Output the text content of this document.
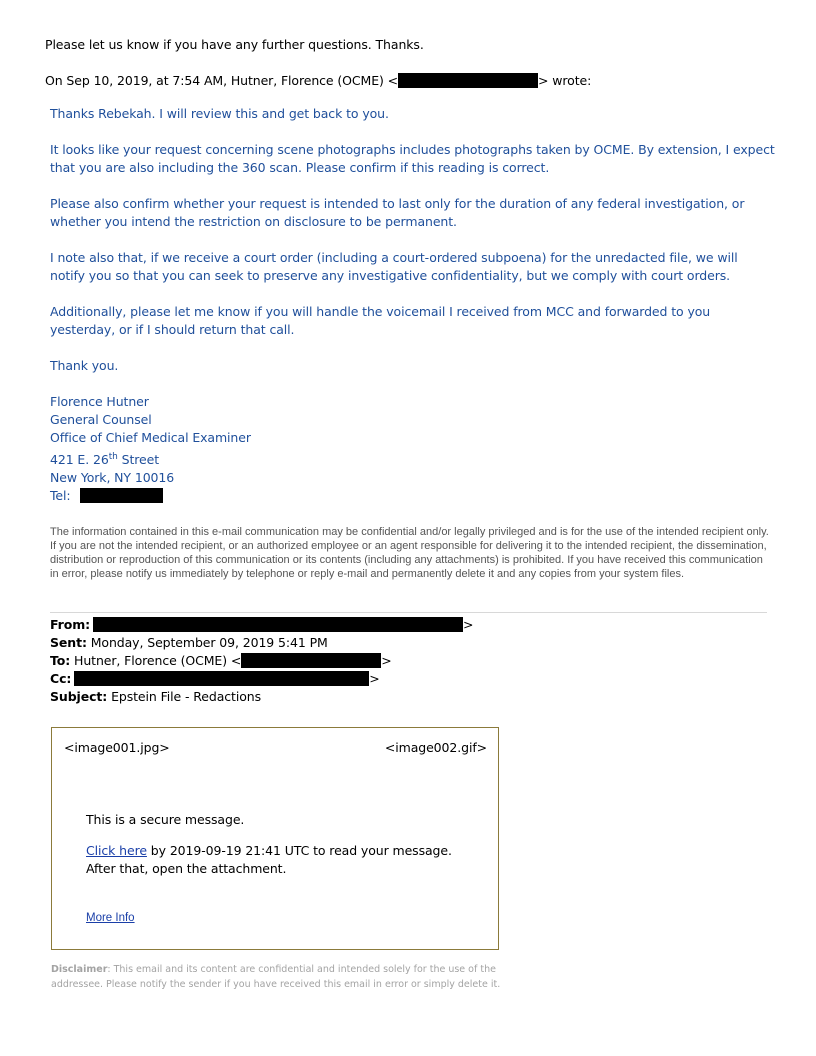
Please let us know if you have any further questions. Thanks.
On Sep 10, 2019, at 7:54 AM, Hutner, Florence (OCME) <	> wrote:
Thanks Rebekah. I will review this and get back to you.
It looks like your request concerning scene photographs includes photographs taken by OCME. By extension, I expect that you are also including the 360 scan. Please confirm if this reading is correct.
Please also confirm whether your request is intended to last only for the duration of any federal investigation, or whether you intend the restriction on disclosure to be permanent.
I note also that, if we receive a court order (including a court-ordered subpoena) for the unredacted file, we will notify you so that you can seek to preserve any investigative confidentiality, but we comply with court orders.
Additionally, please let me know if you will handle the voicemail I received from MCC and forwarded to you yesterday, or if I should return that call.
Thank you.
Florence Hutner
General Counsel
Office of Chief Medical Examiner
421 E. 26th Street
New York, NY 10016
Tel:
The information contained in this e-mail communication may be confidential and/or legally privileged and is for the use of the intended recipient only. If you are not the intended recipient, or an authorized employee or an agent responsible for delivering it to the intended recipient, the dissemination, distribution or reproduction of this communication or its contents (including any attachments) is prohibited. If you have received this communication in error, please notify us immediately by telephone or reply e-mail and permanently delete it and any copies from your system files.
From:	>
Sent: Monday, September 09, 2019 5:41 PM
To: Hutner, Florence (OCME) <	>
Cc:	>
Subject: Epstein File - Redactions
<image001.jpg>	<image002.gif>
This is a secure message.
Click here by 2019-09-19 21:41 UTC to read your message.
After that, open the attachment.
More Info
Disclaimer: This email and its content are confidential and intended solely for the use of the addressee. Please notify the sender if you have received this email in error or simply delete it.
